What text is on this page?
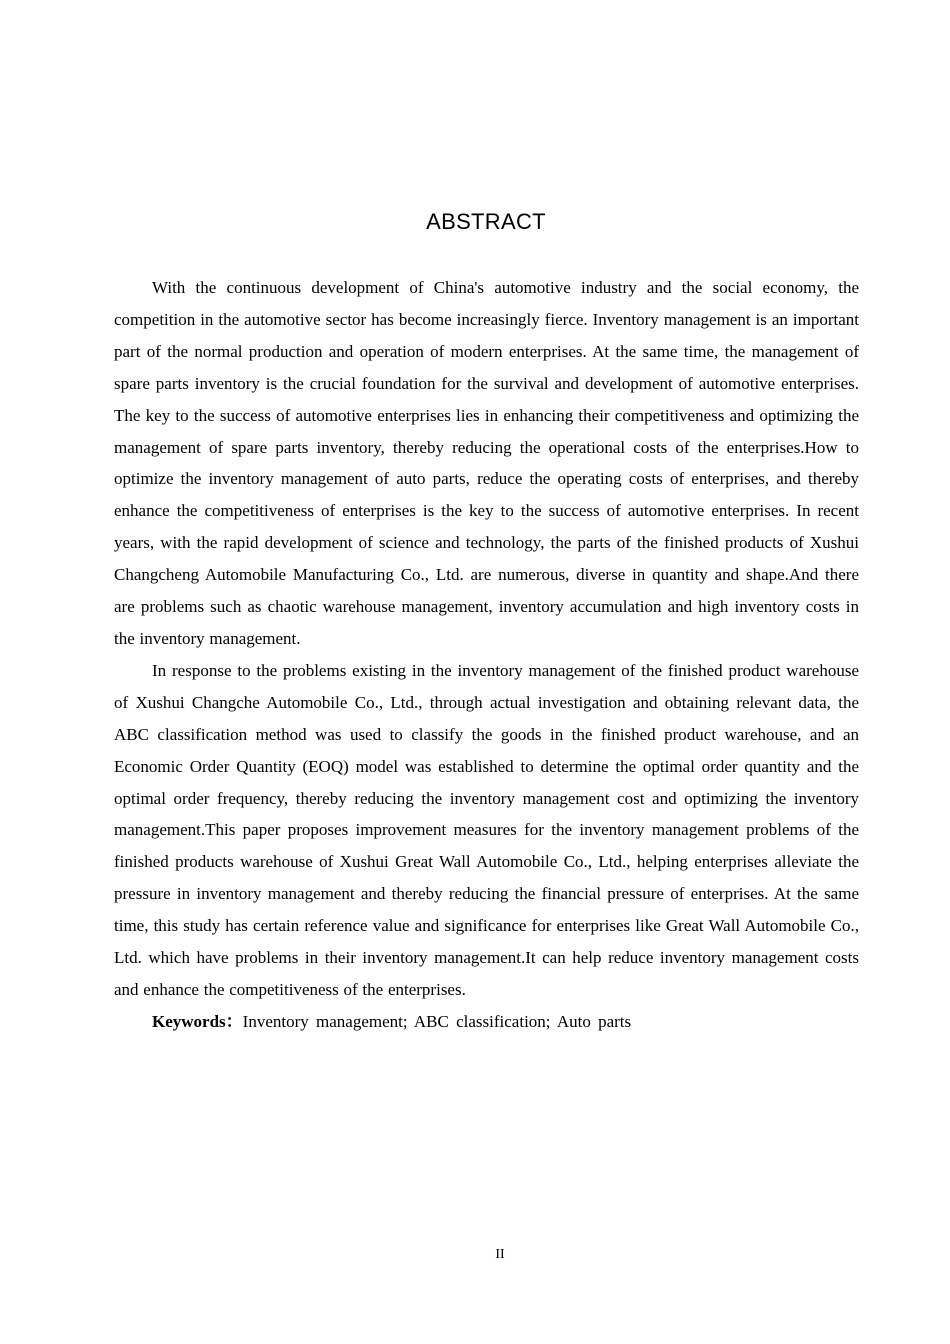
ABSTRACT

With the continuous development of China's automotive industry and the social economy, the competition in the automotive sector has become increasingly fierce. Inventory management is an important part of the normal production and operation of modern enterprises. At the same time, the management of spare parts inventory is the crucial foundation for the survival and development of automotive enterprises. The key to the success of automotive enterprises lies in enhancing their competitiveness and optimizing the management of spare parts inventory, thereby reducing the operational costs of the enterprises.How to optimize the inventory management of auto parts, reduce the operating costs of enterprises, and thereby enhance the competitiveness of enterprises is the key to the success of automotive enterprises. In recent years, with the rapid development of science and technology, the parts of the finished products of Xushui Changcheng Automobile Manufacturing Co., Ltd. are numerous, diverse in quantity and shape.And there are problems such as chaotic warehouse management, inventory accumulation and high inventory costs in the inventory management.

In response to the problems existing in the inventory management of the finished product warehouse of Xushui Changche Automobile Co., Ltd., through actual investigation and obtaining relevant data, the ABC classification method was used to classify the goods in the finished product warehouse, and an Economic Order Quantity (EOQ) model was established to determine the optimal order quantity and the optimal order frequency, thereby reducing the inventory management cost and optimizing the inventory management.This paper proposes improvement measures for the inventory management problems of the finished products warehouse of Xushui Great Wall Automobile Co., Ltd., helping enterprises alleviate the pressure in inventory management and thereby reducing the financial pressure of enterprises. At the same time, this study has certain reference value and significance for enterprises like Great Wall Automobile Co., Ltd. which have problems in their inventory management.It can help reduce inventory management costs and enhance the competitiveness of the enterprises.

Keywords：Inventory management; ABC classification; Auto parts

II
